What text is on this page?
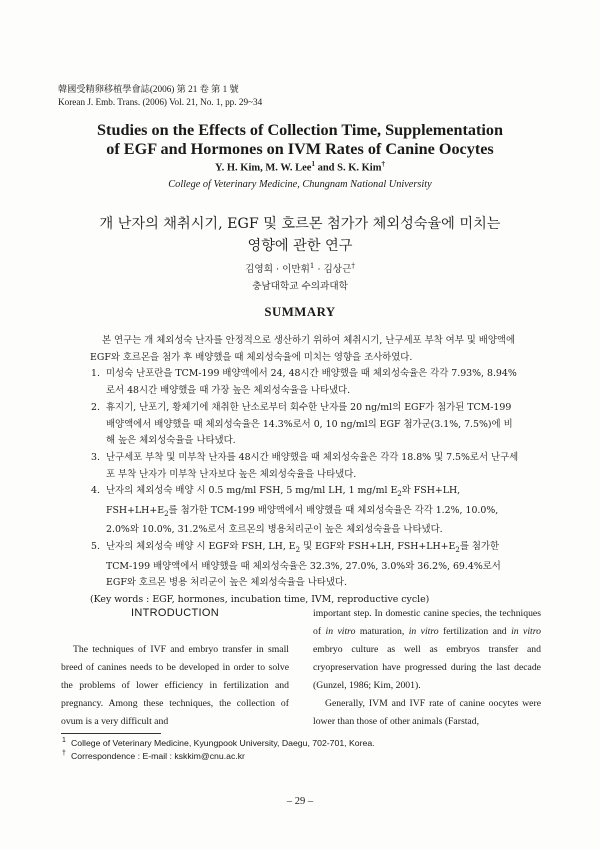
韓國受精卵移植學會誌(2006) 第 21 卷 第 1 號
Korean J. Emb. Trans. (2006) Vol. 21, No. 1, pp. 29~34
Studies on the Effects of Collection Time, Supplementation
of EGF and Hormones on IVM Rates of Canine Oocytes
Y. H. Kim, M. W. Lee$^1$ and S. K. Kim†
College of Veterinary Medicine, Chungnam National University
개 난자의 채취시기, EGF 및 호르몬 첨가가 체외성숙율에 미치는
영향에 관한 연구
김영희 · 이만휘$^1$ · 김상근†
충남대학교 수의과대학
SUMMARY

본 연구는 개 체외성숙 난자를 안정적으로 생산하기 위하여 체취시기, 난구세포 부착 여부 및 배양액에 EGF와 호르몬을 첨가 후 배양했을 때 체외성숙율에 미치는 영향을 조사하였다.

1. 미성숙 난포란을 TCM-199 배양액에서 24, 48시간 배양했을 때 체외성숙율은 각각 7.93%, 8.94%로서 48시간 배양했을 때 가장 높은 체외성숙율을 나타냈다.
2. 휴지기, 난포기, 황체기에 채취한 난소로부터 회수한 난자를 20 ng/ml의 EGF가 첨가된 TCM-199 배양액에서 배양했을 때 체외성숙율은 14.3%로서 0, 10 ng/ml의 EGF 첨가군(3.1%, 7.5%)에 비해 높은 체외성숙율을 나타냈다.
3. 난구세포 부착 및 미부착 난자를 48시간 배양했을 때 체외성숙율은 각각 18.8% 및 7.5%로서 난구세포 부착 난자가 미부착 난자보다 높은 체외성숙율을 나타냈다.
4. 난자의 체외성숙 배양 시 0.5 mg/ml FSH, 5 mg/ml LH, 1 mg/ml $E_2$와 FSH+LH, $FSH+LH+E_2$를 첨가한 TCM-199 배양액에서 배양했을 때 체외성숙율은 각각 1.2%, 10.0%, 2.0%와 10.0%, 31.2%로서 호르몬의 병용처리군이 높은 체외성숙율을 나타냈다.
5. 난자의 체외성숙 배양 시 EGF와 FSH, LH, $E_2$ 및 EGF와 FSH+LH, $FSH+LH+E_2$를 첨가한 TCM-199 배양액에서 배양했을 때 체외성숙율은 32.3%, 27.0%, 3.0%와 36.2%, 69.4%로서 EGF와 호르몬 병용 처리군이 높은 체외성숙율을 나타냈다.

(Key words : EGF, hormones, incubation time, IVM, reproductive cycle)

INTRODUCTION

The techniques of IVF and embryo transfer in small breed of canines needs to be developed in order to solve the problems of lower efficiency in fertilization and pregnancy. Among these techniques, the collection of ovum is a very difficult and

important step. In domestic canine species, the techniques of in vitro maturation, in vitro fertilization and in vitro embryo culture as well as embryos transfer and cryopreservation have progressed during the last decade (Gunzel, 1986; Kim, 2001).

Generally, IVM and IVF rate of canine oocytes were lower than those of other animals (Farstad,

1 College of Veterinary Medicine, Kyungpook University, Daegu, 702-701, Korea.
† Correspondence : E-mail : kskkim@cnu.ac.kr
‒ 29 ‒
